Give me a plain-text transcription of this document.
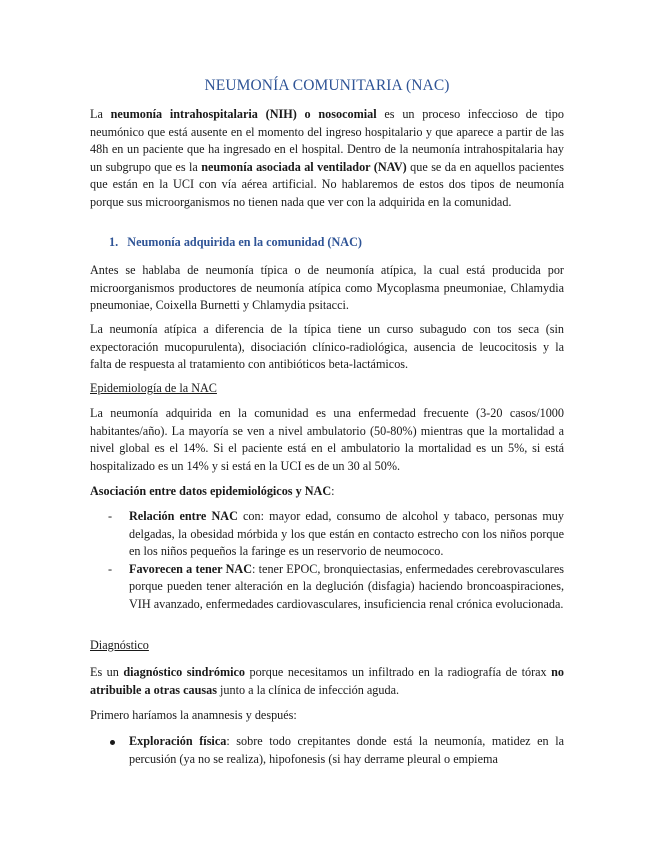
NEUMONÍA COMUNITARIA (NAC)

La neumonía intrahospitalaria (NIH) o nosocomial es un proceso infeccioso de tipo neumónico que está ausente en el momento del ingreso hospitalario y que aparece a partir de las 48h en un paciente que ha ingresado en el hospital. Dentro de la neumonía intrahospitalaria hay un subgrupo que es la neumonía asociada al ventilador (NAV) que se da en aquellos pacientes que están en la UCI con vía aérea artificial. No hablaremos de estos dos tipos de neumonía porque sus microorganismos no tienen nada que ver con la adquirida en la comunidad.

1. Neumonía adquirida en la comunidad (NAC)

Antes se hablaba de neumonía típica o de neumonía atípica, la cual está producida por microorganismos productores de neumonía atípica como Mycoplasma pneumoniae, Chlamydia pneumoniae, Coixella Burnetti y Chlamydia psitacci.

La neumonía atípica a diferencia de la típica tiene un curso subagudo con tos seca (sin expectoración mucopurulenta), disociación clínico-radiológica, ausencia de leucocitosis y la falta de respuesta al tratamiento con antibióticos beta-lactámicos.

Epidemiología de la NAC

La neumonía adquirida en la comunidad es una enfermedad frecuente (3-20 casos/1000 habitantes/año). La mayoría se ven a nivel ambulatorio (50-80%) mientras que la mortalidad a nivel global es el 14%. Si el paciente está en el ambulatorio la mortalidad es un 5%, si está hospitalizado es un 14% y si está en la UCI es de un 30 al 50%.

Asociación entre datos epidemiológicos y NAC:
- Relación entre NAC con: mayor edad, consumo de alcohol y tabaco, personas muy delgadas, la obesidad mórbida y los que están en contacto estrecho con los niños porque en los niños pequeños la faringe es un reservorio de neumococo.
- Favorecen a tener NAC: tener EPOC, bronquiectasias, enfermedades cerebrovasculares porque pueden tener alteración en la deglución (disfagia) haciendo broncoaspiraciones, VIH avanzado, enfermedades cardiovasculares, insuficiencia renal crónica evolucionada.
Diagnóstico

Es un diagnóstico sindrómico porque necesitamos un infiltrado en la radiografía de tórax no atribuible a otras causas junto a la clínica de infección aguda.

Primero haríamos la anamnesis y después:

Exploración física: sobre todo crepitantes donde está la neumonía, matidez en la percusión (ya no se realiza), hipofonesis (si hay derrame pleural o empiema
